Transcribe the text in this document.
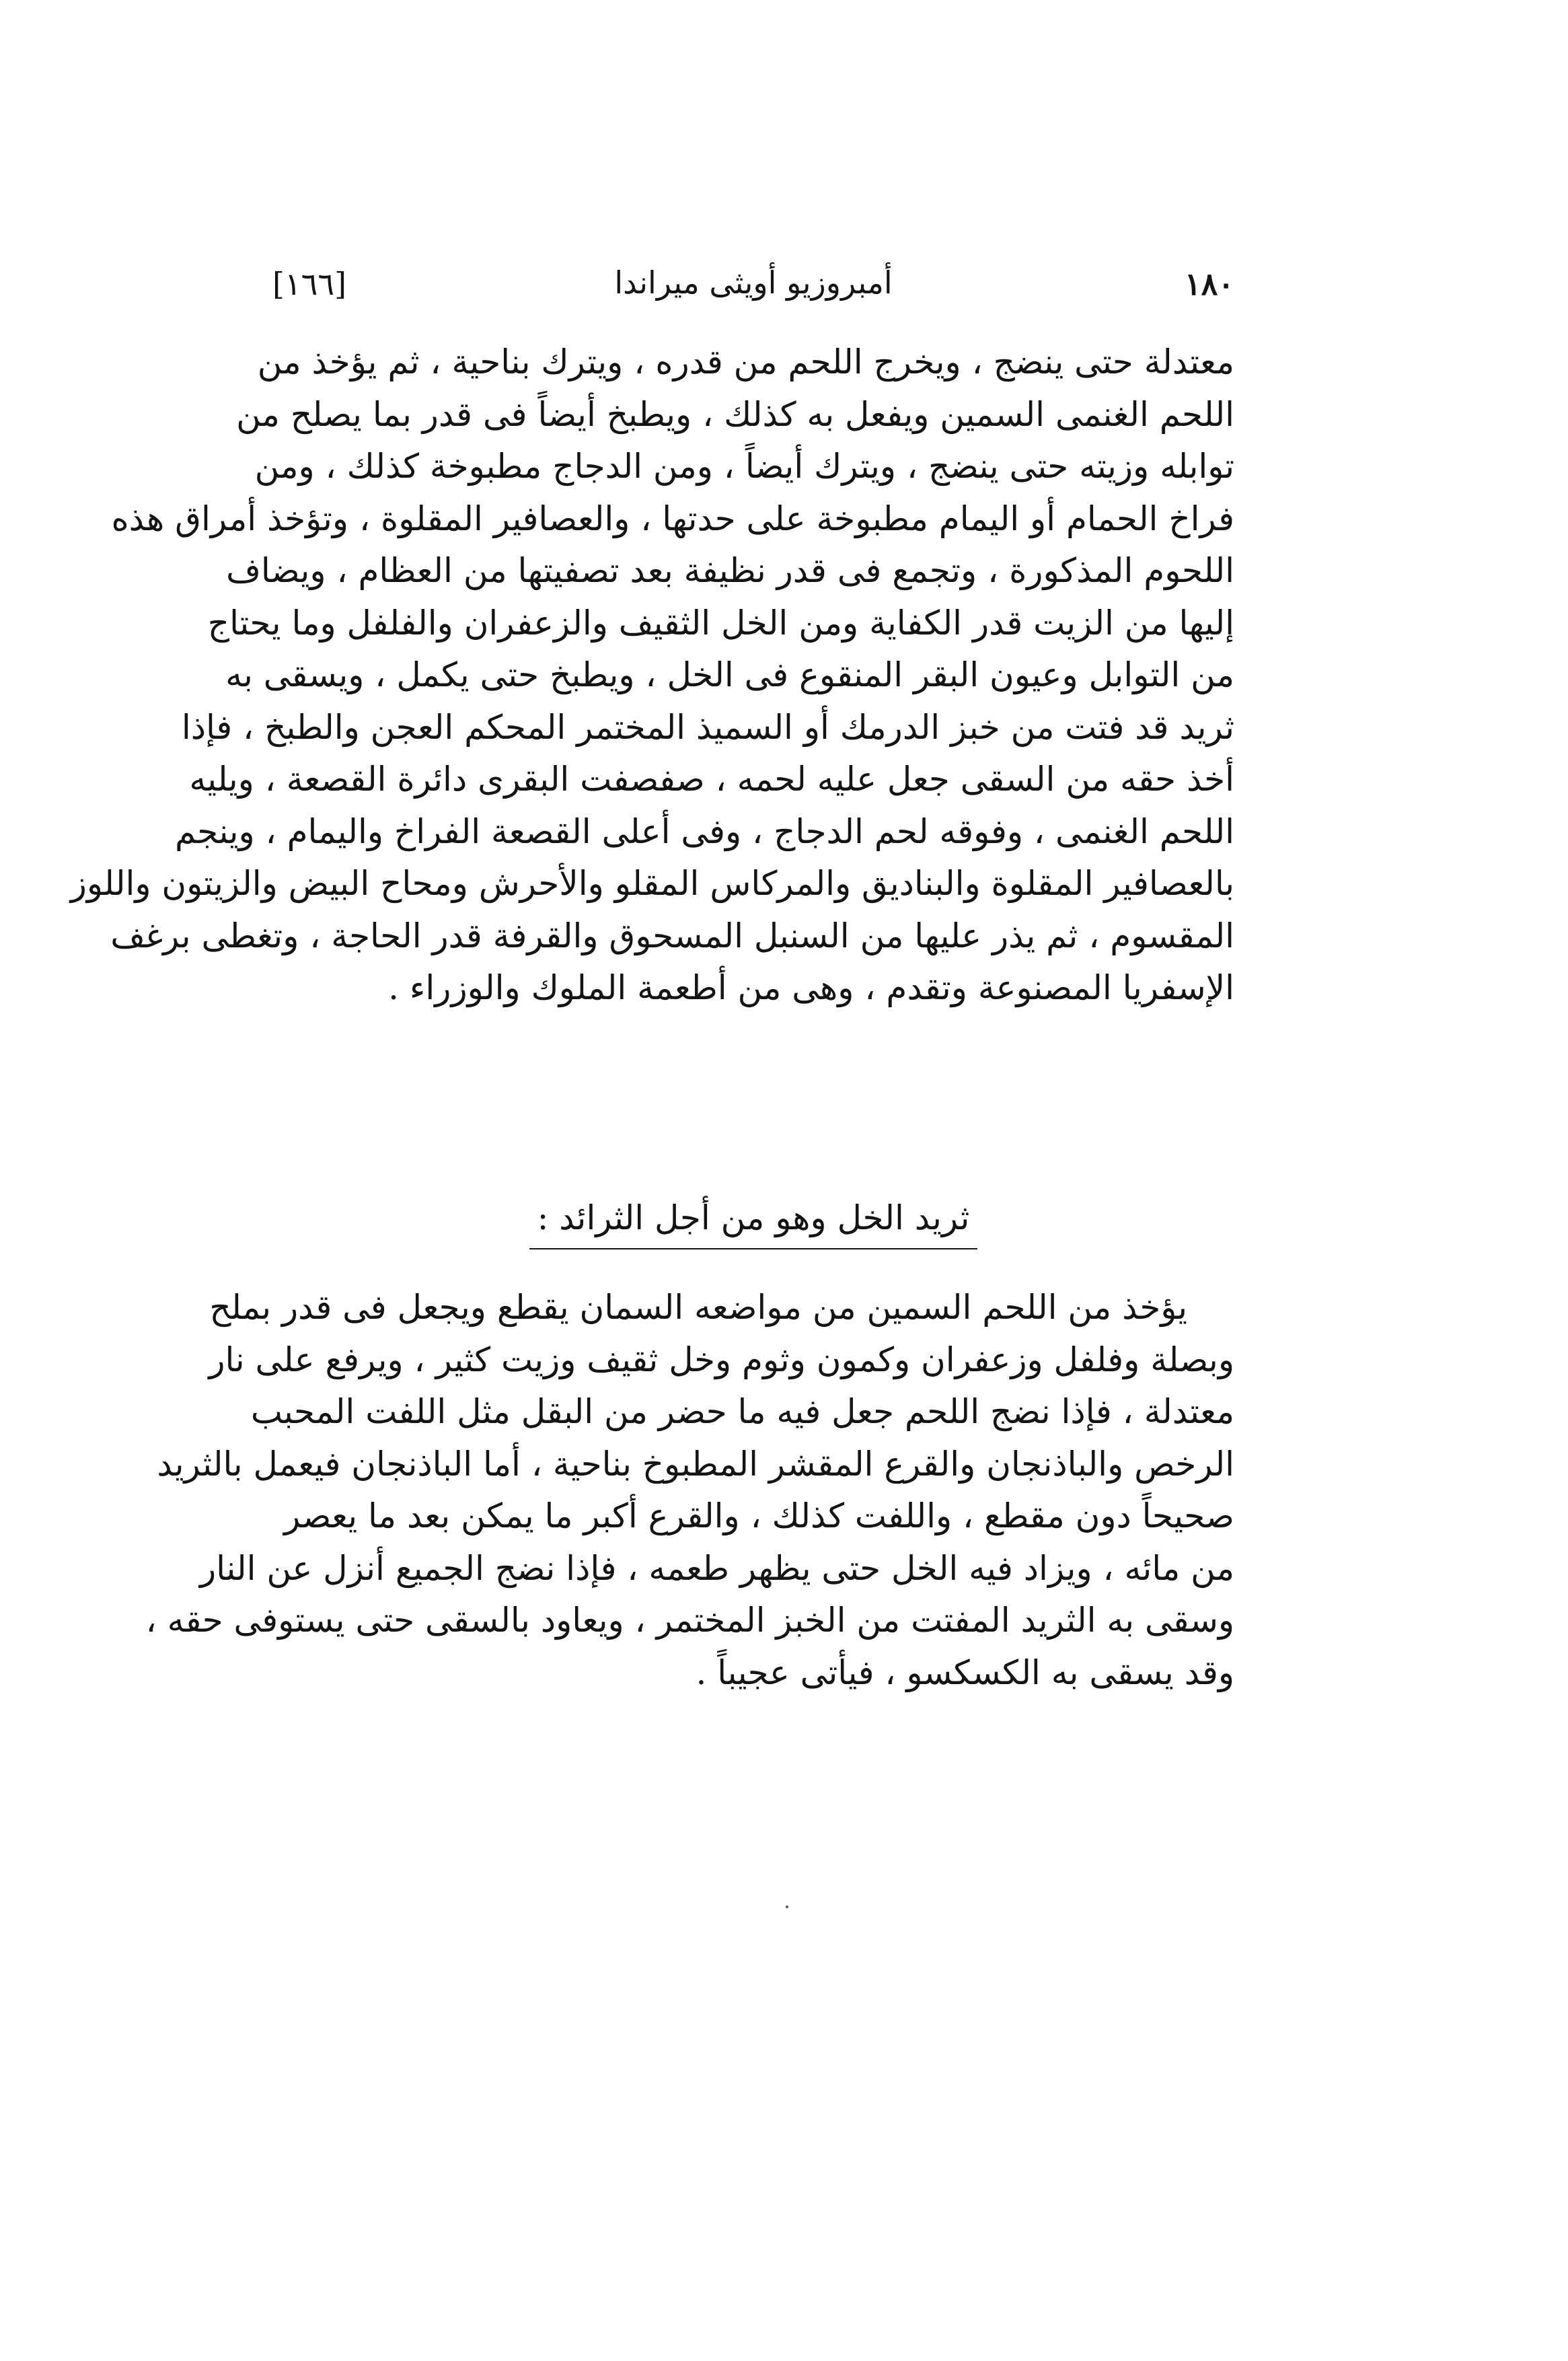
١٨٠
أمبروزيو أويثى ميراندا
[١٦٦]
معتدلة حتى ينضج ، ويخرج اللحم من قدره ، ويترك بناحية ، ثم يؤخذ من
اللحم الغنمى السمين ويفعل به كذلك ، ويطبخ أيضاً فى قدر بما يصلح من
توابله وزيته حتى ينضج ، ويترك أيضاً ، ومن الدجاج مطبوخة كذلك ، ومن
فراخ الحمام أو اليمام مطبوخة على حدتها ، والعصافير المقلوة ، وتؤخذ أمراق هذه
اللحوم المذكورة ، وتجمع فى قدر نظيفة بعد تصفيتها من العظام ، ويضاف
إليها من الزيت قدر الكفاية ومن الخل الثقيف والزعفران والفلفل وما يحتاج
من التوابل وعيون البقر المنقوع فى الخل ، ويطبخ حتى يكمل ، ويسقى به
ثريد قد فتت من خبز الدرمك أو السميذ المختمر المحكم العجن والطبخ ، فإذا
أخذ حقه من السقى جعل عليه لحمه ، صفصفت البقرى دائرة القصعة ، ويليه
اللحم الغنمى ، وفوقه لحم الدجاج ، وفى أعلى القصعة الفراخ واليمام ، وينجم
بالعصافير المقلوة والبناديق والمركاس المقلو والأحرش ومحاح البيض والزيتون واللوز
المقسوم ، ثم يذر عليها من السنبل المسحوق والقرفة قدر الحاجة ، وتغطى برغف
الإسفريا المصنوعة وتقدم ، وهى من أطعمة الملوك والوزراء .
ثريد الخل وهو من أجل الثرائد :
يؤخذ من اللحم السمين من مواضعه السمان يقطع ويجعل فى قدر بملح
وبصلة وفلفل وزعفران وكمون وثوم وخل ثقيف وزيت كثير ، ويرفع على نار
معتدلة ، فإذا نضج اللحم جعل فيه ما حضر من البقل مثل اللفت المحبب
الرخص والباذنجان والقرع المقشر المطبوخ بناحية ، أما الباذنجان فيعمل بالثريد
صحيحاً دون مقطع ، واللفت كذلك ، والقرع أكبر ما يمكن بعد ما يعصر
من مائه ، ويزاد فيه الخل حتى يظهر طعمه ، فإذا نضج الجميع أنزل عن النار
وسقى به الثريد المفتت من الخبز المختمر ، ويعاود بالسقى حتى يستوفى حقه ،
وقد يسقى به الكسكسو ، فيأتى عجيباً .
